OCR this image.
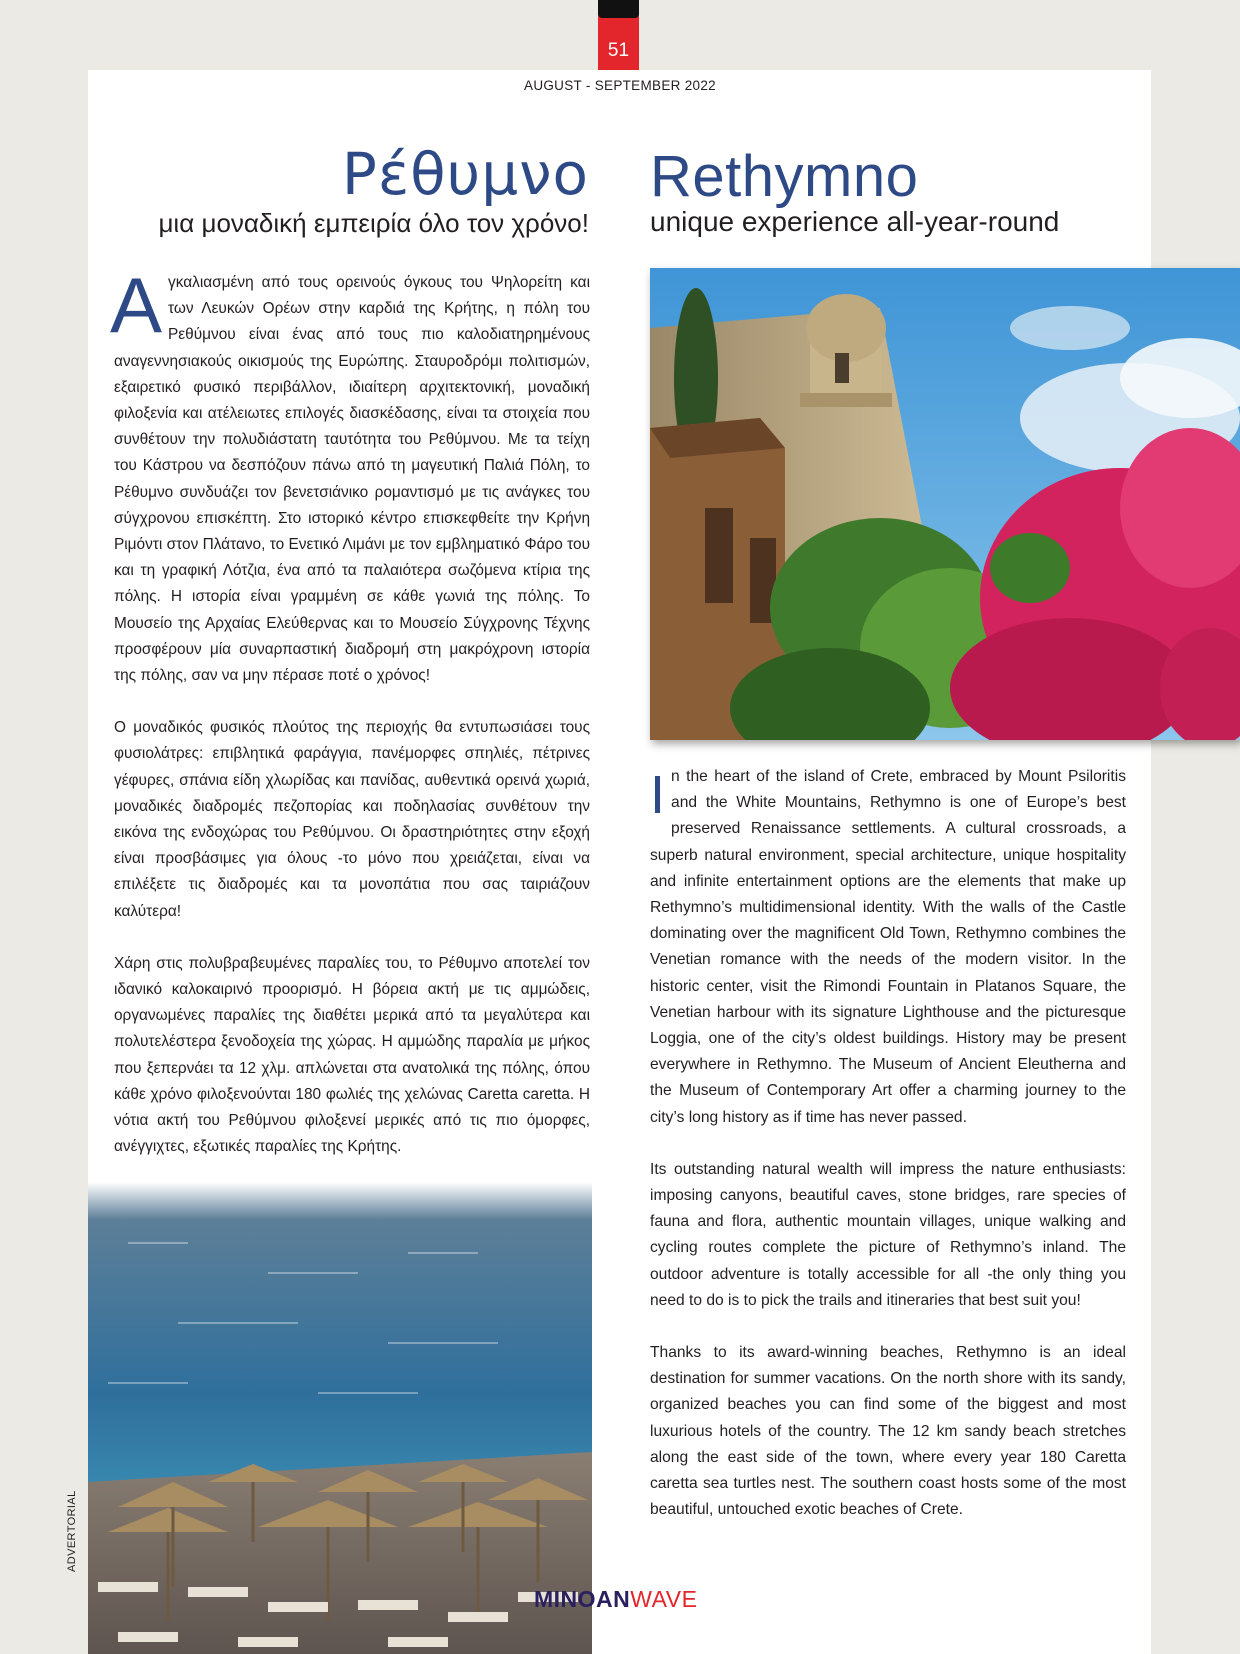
51
AUGUST - SEPTEMBER 2022
Ρέθυμνο
μια μοναδική εμπειρία όλο τον χρόνο!
Rethymno
unique experience all-year-round

Αγκαλιασμένη από τους ορεινούς όγκους του Ψηλορείτη και των Λευκών Ορέων στην καρδιά της Κρήτης, η πόλη του Ρεθύμνου είναι ένας από τους πιο καλοδιατηρημένους αναγεννησιακούς οικισμούς της Ευρώπης. Σταυροδρόμι πολιτισμών, εξαιρετικό φυσικό περιβάλλον, ιδιαίτερη αρχιτεκτονική, μοναδική φιλοξενία και ατέλειωτες επιλογές διασκέδασης, είναι τα στοιχεία που συνθέτουν την πολυδιάστατη ταυτότητα του Ρεθύμνου. Με τα τείχη του Κάστρου να δεσπόζουν πάνω από τη μαγευτική Παλιά Πόλη, το Ρέθυμνο συνδυάζει τον βενετσιάνικο ρομαντισμό με τις ανάγκες του σύγχρονου επισκέπτη. Στο ιστορικό κέντρο επισκεφθείτε την Κρήνη Ριμόντι στον Πλάτανο, το Ενετικό Λιμάνι με τον εμβληματικό Φάρο του και τη γραφική Λότζια, ένα από τα παλαιότερα σωζόμενα κτίρια της πόλης. Η ιστορία είναι γραμμένη σε κάθε γωνιά της πόλης. Το Μουσείο της Αρχαίας Ελεύθερνας και το Μουσείο Σύγχρονης Τέχνης προσφέρουν μία συναρπαστική διαδρομή στη μακρόχρονη ιστορία της πόλης, σαν να μην πέρασε ποτέ ο χρόνος!

Ο μοναδικός φυσικός πλούτος της περιοχής θα εντυπωσιάσει τους φυσιολάτρες: επιβλητικά φαράγγια, πανέμορφες σπηλιές, πέτρινες γέφυρες, σπάνια είδη χλωρίδας και πανίδας, αυθεντικά ορεινά χωριά, μοναδικές διαδρομές πεζοπορίας και ποδηλασίας συνθέτουν την εικόνα της ενδοχώρας του Ρεθύμνου. Οι δραστηριότητες στην εξοχή είναι προσβάσιμες για όλους -το μόνο που χρειάζεται, είναι να επιλέξετε τις διαδρομές και τα μονοπάτια που σας ταιριάζουν καλύτερα!

Χάρη στις πολυβραβευμένες παραλίες του, το Ρέθυμνο αποτελεί τον ιδανικό καλοκαιρινό προορισμό. Η βόρεια ακτή με τις αμμώδεις, οργανωμένες παραλίες της διαθέτει μερικά από τα μεγαλύτερα και πολυτελέστερα ξενοδοχεία της χώρας. Η αμμώδης παραλία με μήκος που ξεπερνάει τα 12 χλμ. απλώνεται στα ανατολικά της πόλης, όπου κάθε χρόνο φιλοξενούνται 180 φωλιές της χελώνας Caretta caretta. Η νότια ακτή του Ρεθύμνου φιλοξενεί μερικές από τις πιο όμορφες, ανέγγιχτες, εξωτικές παραλίες της Κρήτης.

In the heart of the island of Crete, embraced by Mount Psiloritis and the White Mountains, Rethymno is one of Europe’s best preserved Renaissance settlements. A cultural crossroads, a superb natural environment, special architecture, unique hospitality and infinite entertainment options are the elements that make up Rethymno’s multidimensional identity. With the walls of the Castle dominating over the magnificent Old Town, Rethymno combines the Venetian romance with the needs of the modern visitor. In the historic center, visit the Rimondi Fountain in Platanos Square, the Venetian harbour with its signature Lighthouse and the picturesque Loggia, one of the city’s oldest buildings. History may be present everywhere in Rethymno. The Museum of Ancient Eleutherna and the Museum of Contemporary Art offer a charming journey to the city’s long history as if time has never passed.

Its outstanding natural wealth will impress the nature enthusiasts: imposing canyons, beautiful caves, stone bridges, rare species of fauna and flora, authentic mountain villages, unique walking and cycling routes complete the picture of Rethymno’s inland. The outdoor adventure is totally accessible for all -the only thing you need to do is to pick the trails and itineraries that best suit you!

Thanks to its award-winning beaches, Rethymno is an ideal destination for summer vacations. On the north shore with its sandy, organized beaches you can find some of the biggest and most luxurious hotels of the country. The 12 km sandy beach stretches along the east side of the town, where every year 180 Caretta caretta sea turtles nest. The southern coast hosts some of the most beautiful, untouched exotic beaches of Crete.

ADVERTORIAL
MINOANWAVE
